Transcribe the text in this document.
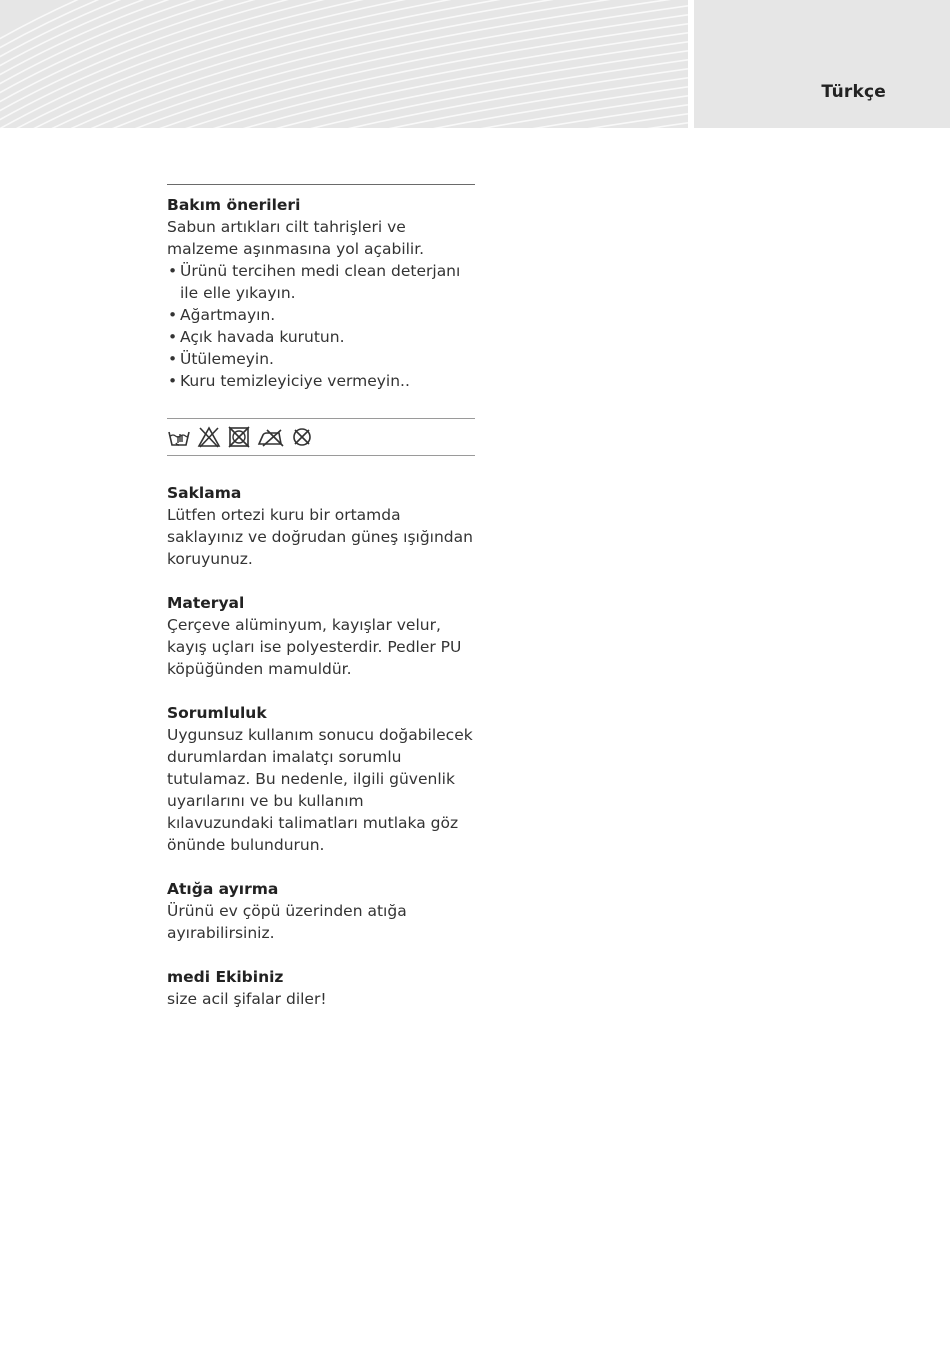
Türkçe
Bakım önerileri
Sabun artıkları cilt tahrişleri ve malzeme aşınmasına yol açabilir.
• Ürünü tercihen medi clean deterjanı ile elle yıkayın.
• Ağartmayın.
• Açık havada kurutun.
• Ütülemeyin.
• Kuru temizleyiciye vermeyin..
Saklama
Lütfen ortezi kuru bir ortamda saklayınız ve doğrudan güneş ışığından koruyunuz.
Materyal
Çerçeve alüminyum, kayışlar velur, kayış uçları ise polyesterdir. Pedler PU köpüğünden mamuldür.
Sorumluluk
Uygunsuz kullanım sonucu doğabilecek durumlardan imalatçı sorumlu tutulamaz. Bu nedenle, ilgili güvenlik uyarılarını ve bu kullanım kılavuzundaki talimatları mutlaka göz önünde bulundurun.
Atığa ayırma
Ürünü ev çöpü üzerinden atığa ayırabilirsiniz.
medi Ekibiniz
size acil şifalar diler!
